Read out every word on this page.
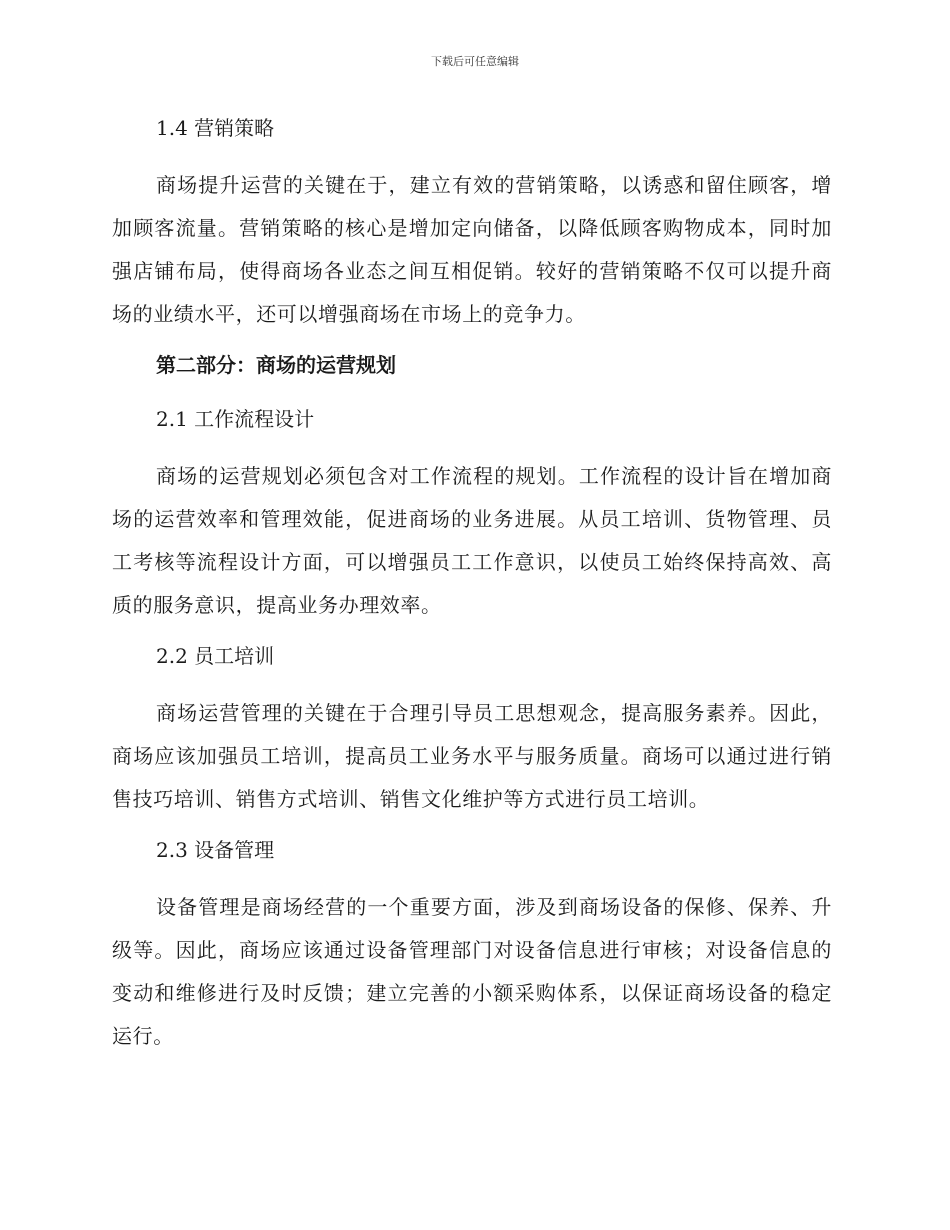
下载后可任意编辑
1.4 营销策略

商场提升运营的关键在于，建立有效的营销策略，以诱惑和留住顾客，增加顾客流量。营销策略的核心是增加定向储备，以降低顾客购物成本，同时加强店铺布局，使得商场各业态之间互相促销。较好的营销策略不仅可以提升商场的业绩水平，还可以增强商场在市场上的竞争力。

第二部分：商场的运营规划
2.1 工作流程设计

商场的运营规划必须包含对工作流程的规划。工作流程的设计旨在增加商场的运营效率和管理效能，促进商场的业务进展。从员工培训、货物管理、员工考核等流程设计方面，可以增强员工工作意识，以使员工始终保持高效、高质的服务意识，提高业务办理效率。

2.2 员工培训

商场运营管理的关键在于合理引导员工思想观念，提高服务素养。因此，商场应该加强员工培训，提高员工业务水平与服务质量。商场可以通过进行销售技巧培训、销售方式培训、销售文化维护等方式进行员工培训。

2.3 设备管理

设备管理是商场经营的一个重要方面，涉及到商场设备的保修、保养、升级等。因此，商场应该通过设备管理部门对设备信息进行审核；对设备信息的变动和维修进行及时反馈；建立完善的小额采购体系，以保证商场设备的稳定运行。
